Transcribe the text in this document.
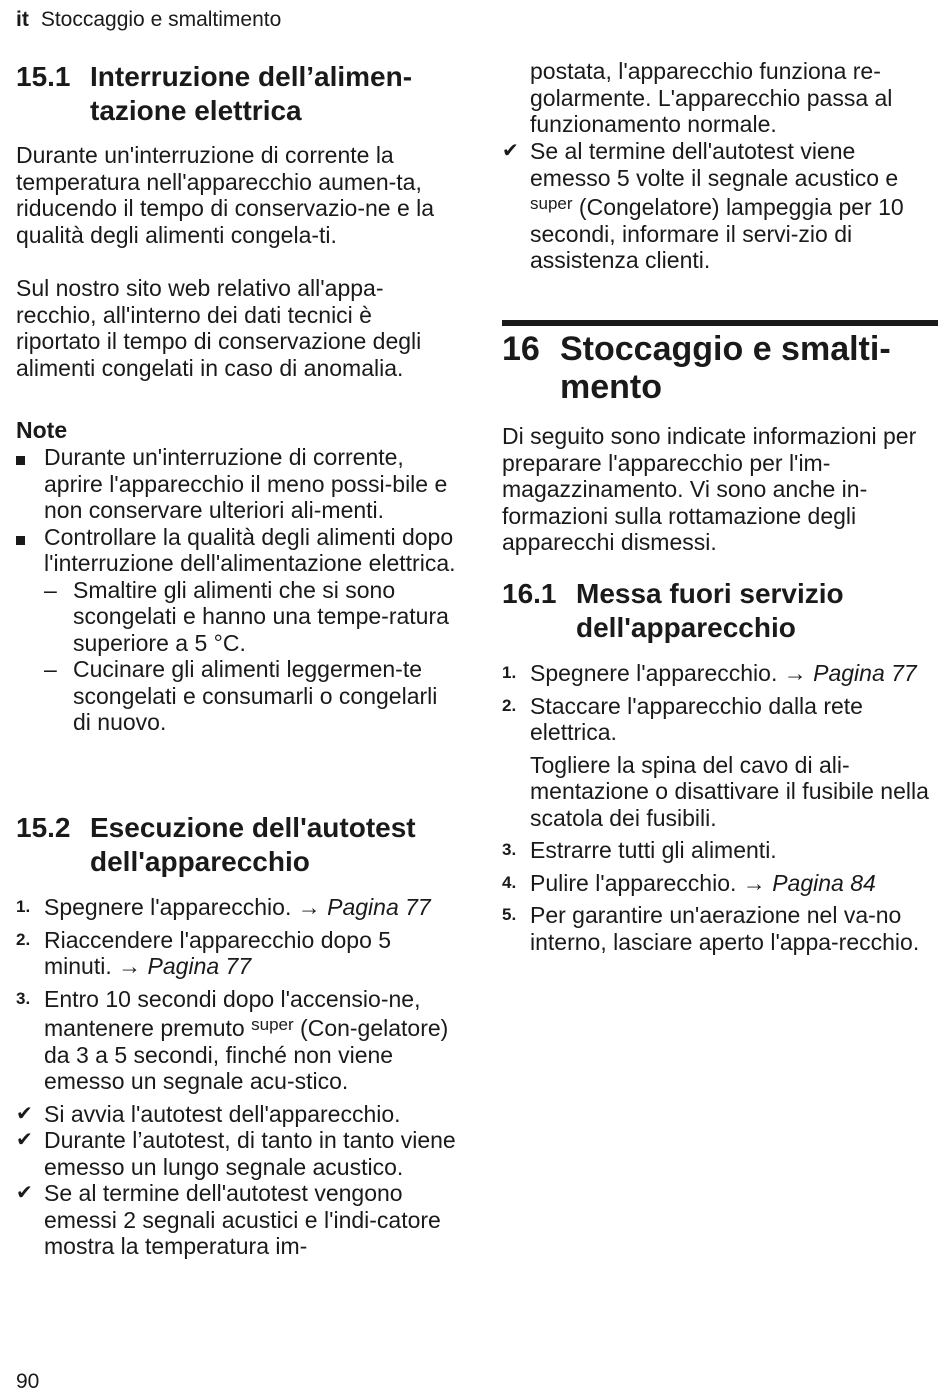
it Stoccaggio e smaltimento
15.1 Interruzione dell’alimen-
tazione elettrica
Durante un'interruzione di corrente la temperatura nell'apparecchio aumen-ta, riducendo il tempo di conservazio-ne e la qualità degli alimenti congela-ti.
Sul nostro sito web relativo all'appa-recchio, all'interno dei dati tecnici è riportato il tempo di conservazione degli alimenti congelati in caso di anomalia.
Note
Durante un'interruzione di corrente, aprire l'apparecchio il meno possi-bile e non conservare ulteriori ali-menti.
Controllare la qualità degli alimenti dopo l'interruzione dell'alimentazione elettrica.
– Smaltire gli alimenti che si sono scongelati e hanno una tempe-ratura superiore a 5 °C.
– Cucinare gli alimenti leggermen-te scongelati e consumarli o congelarli di nuovo.
15.2 Esecuzione dell'autotest
dell'apparecchio
1. Spegnere l'apparecchio. → Pagina 77
2. Riaccendere l'apparecchio dopo 5 minuti. → Pagina 77
3. Entro 10 secondi dopo l'accensio-ne, mantenere premuto $^{super}$ (Con-gelatore) da 3 a 5 secondi, finché non viene emesso un segnale acu-stico.
✔ Si avvia l'autotest dell'apparecchio.
✔ Durante l’autotest, di tanto in tanto viene emesso un lungo segnale acustico.
✔ Se al termine dell'autotest vengono emessi 2 segnali acustici e l'indi-catore mostra la temperatura im-
postata, l'apparecchio funziona re-golarmente. L'apparecchio passa al funzionamento normale.
✔ Se al termine dell'autotest viene emesso 5 volte il segnale acustico e $^{super}$ (Congelatore) lampeggia per 10 secondi, informare il servi-zio di assistenza clienti.
16 Stoccaggio e smalti-
mento
Di seguito sono indicate informazioni per preparare l'apparecchio per l'im-magazzinamento. Vi sono anche in-formazioni sulla rottamazione degli apparecchi dismessi.
16.1 Messa fuori servizio
dell'apparecchio
1. Spegnere l'apparecchio. → Pagina 77
2. Staccare l'apparecchio dalla rete elettrica.
Togliere la spina del cavo di ali-mentazione o disattivare il fusibile nella scatola dei fusibili.
3. Estrarre tutti gli alimenti.
4. Pulire l'apparecchio. → Pagina 84
5. Per garantire un'aerazione nel va-no interno, lasciare aperto l'appa-recchio.
90
